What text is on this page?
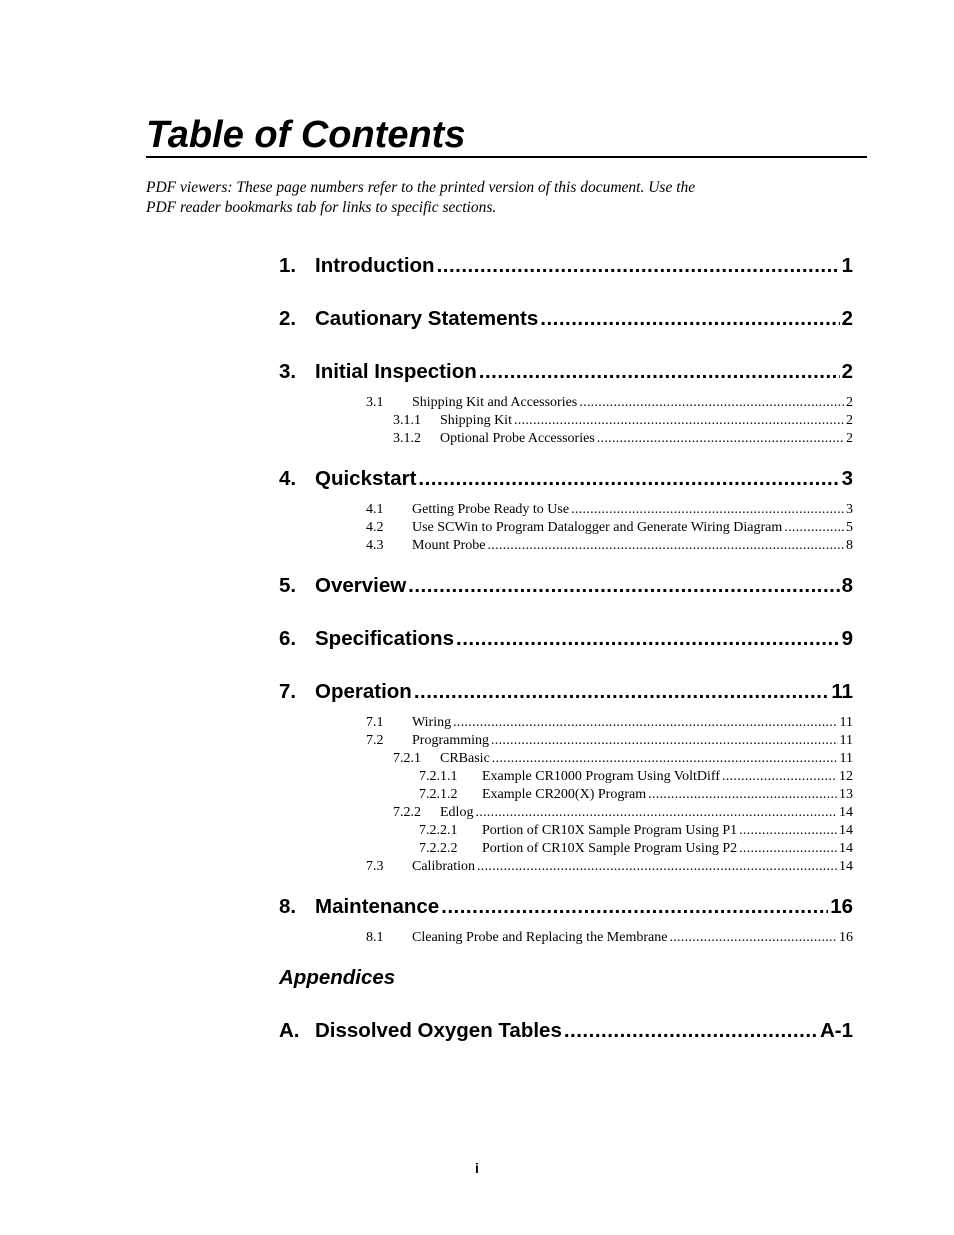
Table of Contents
PDF viewers: These page numbers refer to the printed version of this document. Use the
PDF reader bookmarks tab for links to specific sections.
1. Introduction . . .	1
2. Cautionary Statements . . .	2
3. Initial Inspection . . .	2
3.1	Shipping Kit and Accessories . . .	2
3.1.1	Shipping Kit . . .	2
3.1.2	Optional Probe Accessories . . .	2
4. Quickstart . . .	3
4.1	Getting Probe Ready to Use . . .	3
4.2	Use SCWin to Program Datalogger and Generate Wiring Diagram . . .	5
4.3	Mount Probe . . .	8
5. Overview . . .	8
6. Specifications . . .	9
7. Operation . . .	11
7.1	Wiring . . .	11
7.2	Programming . . .	11
7.2.1	CRBasic . . .	11
7.2.1.1	Example CR1000 Program Using VoltDiff . . .	12
7.2.1.2	Example CR200(X) Program . . .	13
7.2.2	Edlog . . .	14
7.2.2.1	Portion of CR10X Sample Program Using P1 . . .	14
7.2.2.2	Portion of CR10X Sample Program Using P2 . . .	14
7.3	Calibration . . .	14
8. Maintenance . . .	16
8.1	Cleaning Probe and Replacing the Membrane . . .	16
Appendices
A. Dissolved Oxygen Tables . . .	A-1
i
